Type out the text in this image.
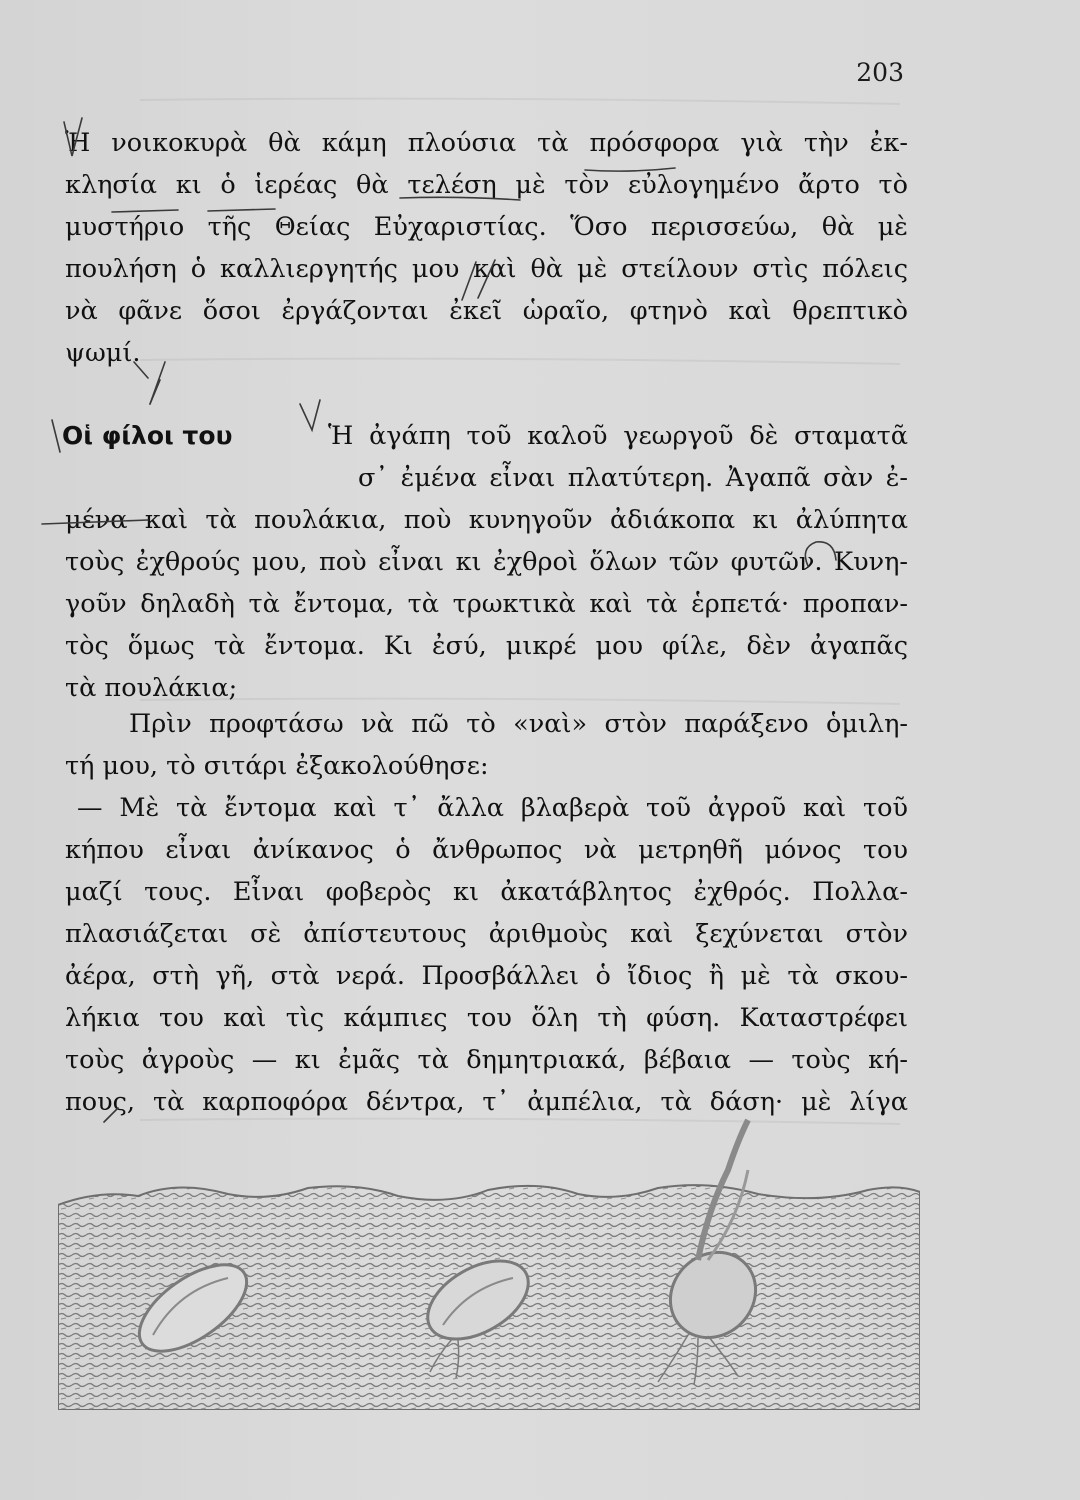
203
Ἡ νοικοκυρὰ θὰ κάμη πλούσια τὰ πρόσφορα γιὰ τὴν ἐκ-
κλησία κι ὁ ἱερέας θὰ τελέση μὲ τὸν εὐλογημένο ἄρτο τὸ
μυστήριο τῆς Θείας Εὐχαριστίας. Ὅσο περισσεύω, θὰ μὲ
πουλήση ὁ καλλιεργητής μου καὶ θὰ μὲ στείλουν στὶς πόλεις
νὰ φᾶνε ὅσοι ἐργάζονται ἐκεῖ ὡραῖο, φτηνὸ καὶ θρεπτικὸ
ψωμί.
Οἱ φίλοι του	Ἡ ἀγάπη τοῦ καλοῦ γεωργοῦ δὲ σταματᾶ
σ᾿ ἐμένα εἶναι πλατύτερη. Ἀγαπᾶ σὰν ἐ-
μένα καὶ τὰ πουλάκια, ποὺ κυνηγοῦν ἀδιάκοπα κι ἀλύπητα
τοὺς ἐχθρούς μου, ποὺ εἶναι κι ἐχθροὶ ὅλων τῶν φυτῶν. Κυνη-
γοῦν δηλαδὴ τὰ ἔντομα, τὰ τρωκτικὰ καὶ τὰ ἑρπετά· προπαν-
τὸς ὅμως τὰ ἔντομα. Κι ἐσύ, μικρέ μου φίλε, δὲν ἀγαπᾶς
τὰ πουλάκια;
Πρὶν προφτάσω νὰ πῶ τὸ «ναὶ» στὸν παράξενο ὁμιλη-
τή μου, τὸ σιτάρι ἐξακολούθησε:
— Μὲ τὰ ἔντομα καὶ τ᾿ ἄλλα βλαβερὰ τοῦ ἀγροῦ καὶ τοῦ
κήπου εἶναι ἀνίκανος ὁ ἄνθρωπος νὰ μετρηθῆ μόνος του
μαζί τους. Εἶναι φοβερὸς κι ἀκατάβλητος ἐχθρός. Πολλα-
πλασιάζεται σὲ ἀπίστευτους ἀριθμοὺς καὶ ξεχύνεται στὸν
ἀέρα, στὴ γῆ, στὰ νερά. Προσβάλλει ὁ ἴδιος ἢ μὲ τὰ σκου-
λήκια του καὶ τὶς κάμπιες του ὅλη τὴ φύση. Καταστρέφει
τοὺς ἀγροὺς — κι ἐμᾶς τὰ δημητριακά, βέβαια — τοὺς κή-
πους, τὰ καρποφόρα δέντρα, τ᾿ ἀμπέλια, τὰ δάση· μὲ λίγα
